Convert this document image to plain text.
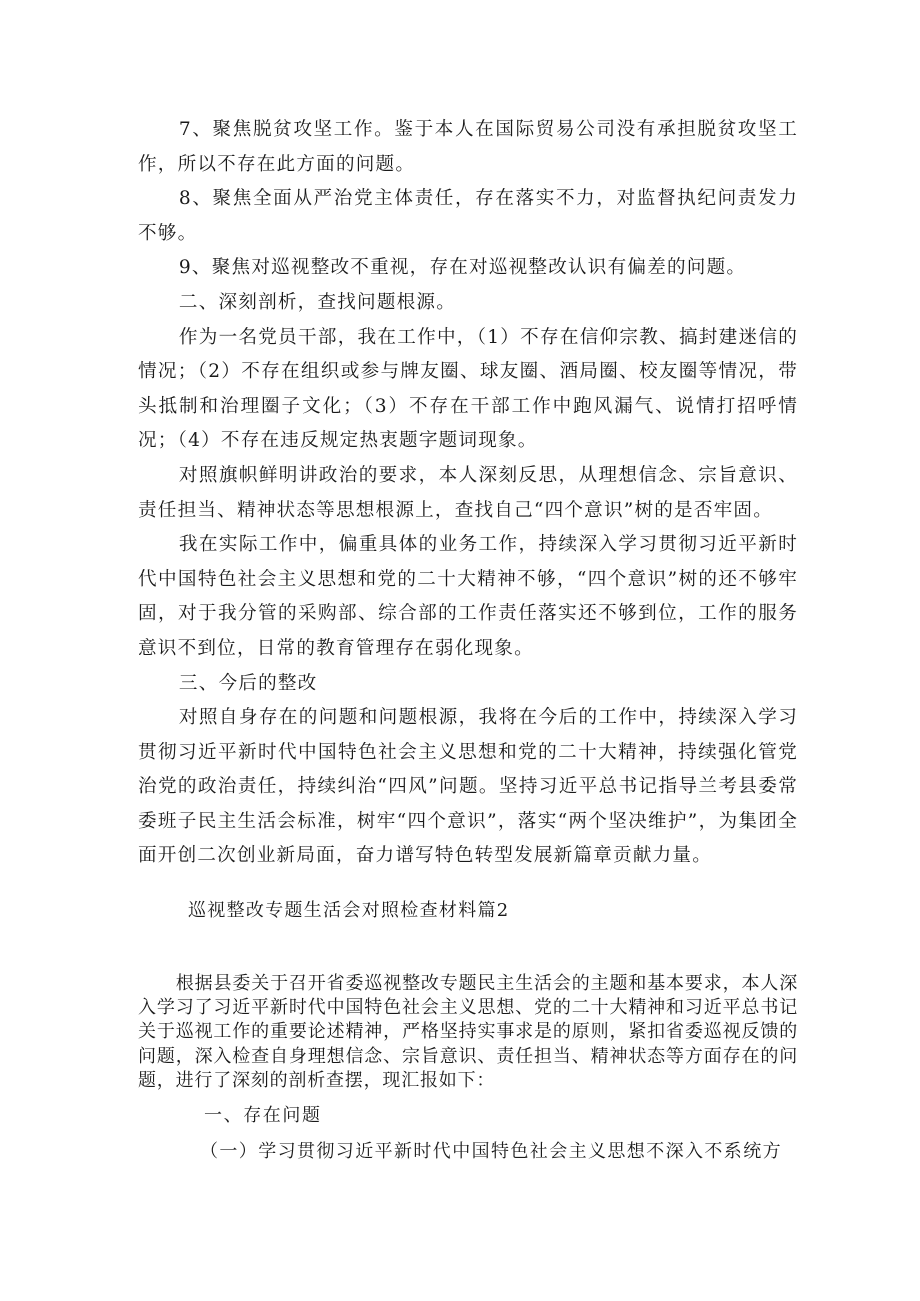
7、聚焦脱贫攻坚工作。鉴于本人在国际贸易公司没有承担脱贫攻坚工作，所以不存在此方面的问题。

8、聚焦全面从严治党主体责任，存在落实不力，对监督执纪问责发力不够。

9、聚焦对巡视整改不重视，存在对巡视整改认识有偏差的问题。

二、深刻剖析，查找问题根源。

作为一名党员干部，我在工作中，（1）不存在信仰宗教、搞封建迷信的情况；（2）不存在组织或参与牌友圈、球友圈、酒局圈、校友圈等情况，带头抵制和治理圈子文化；（3）不存在干部工作中跑风漏气、说情打招呼情况；（4）不存在违反规定热衷题字题词现象。

对照旗帜鲜明讲政治的要求，本人深刻反思，从理想信念、宗旨意识、责任担当、精神状态等思想根源上，查找自己“四个意识”树的是否牢固。

我在实际工作中，偏重具体的业务工作，持续深入学习贯彻习近平新时代中国特色社会主义思想和党的二十大精神不够，“四个意识”树的还不够牢固，对于我分管的采购部、综合部的工作责任落实还不够到位，工作的服务意识不到位，日常的教育管理存在弱化现象。

三、今后的整改

对照自身存在的问题和问题根源，我将在今后的工作中，持续深入学习贯彻习近平新时代中国特色社会主义思想和党的二十大精神，持续强化管党治党的政治责任，持续纠治“四风”问题。坚持习近平总书记指导兰考县委常委班子民主生活会标准，树牢“四个意识”，落实“两个坚决维护”，为集团全面开创二次创业新局面，奋力谱写特色转型发展新篇章贡献力量。

巡视整改专题生活会对照检查材料篇2

根据县委关于召开省委巡视整改专题民主生活会的主题和基本要求，本人深入学习了习近平新时代中国特色社会主义思想、党的二十大精神和习近平总书记关于巡视工作的重要论述精神，严格坚持实事求是的原则，紧扣省委巡视反馈的问题，深入检查自身理想信念、宗旨意识、责任担当、精神状态等方面存在的问题，进行了深刻的剖析查摆，现汇报如下：

一、存在问题

（一）学习贯彻习近平新时代中国特色社会主义思想不深入不系统方
